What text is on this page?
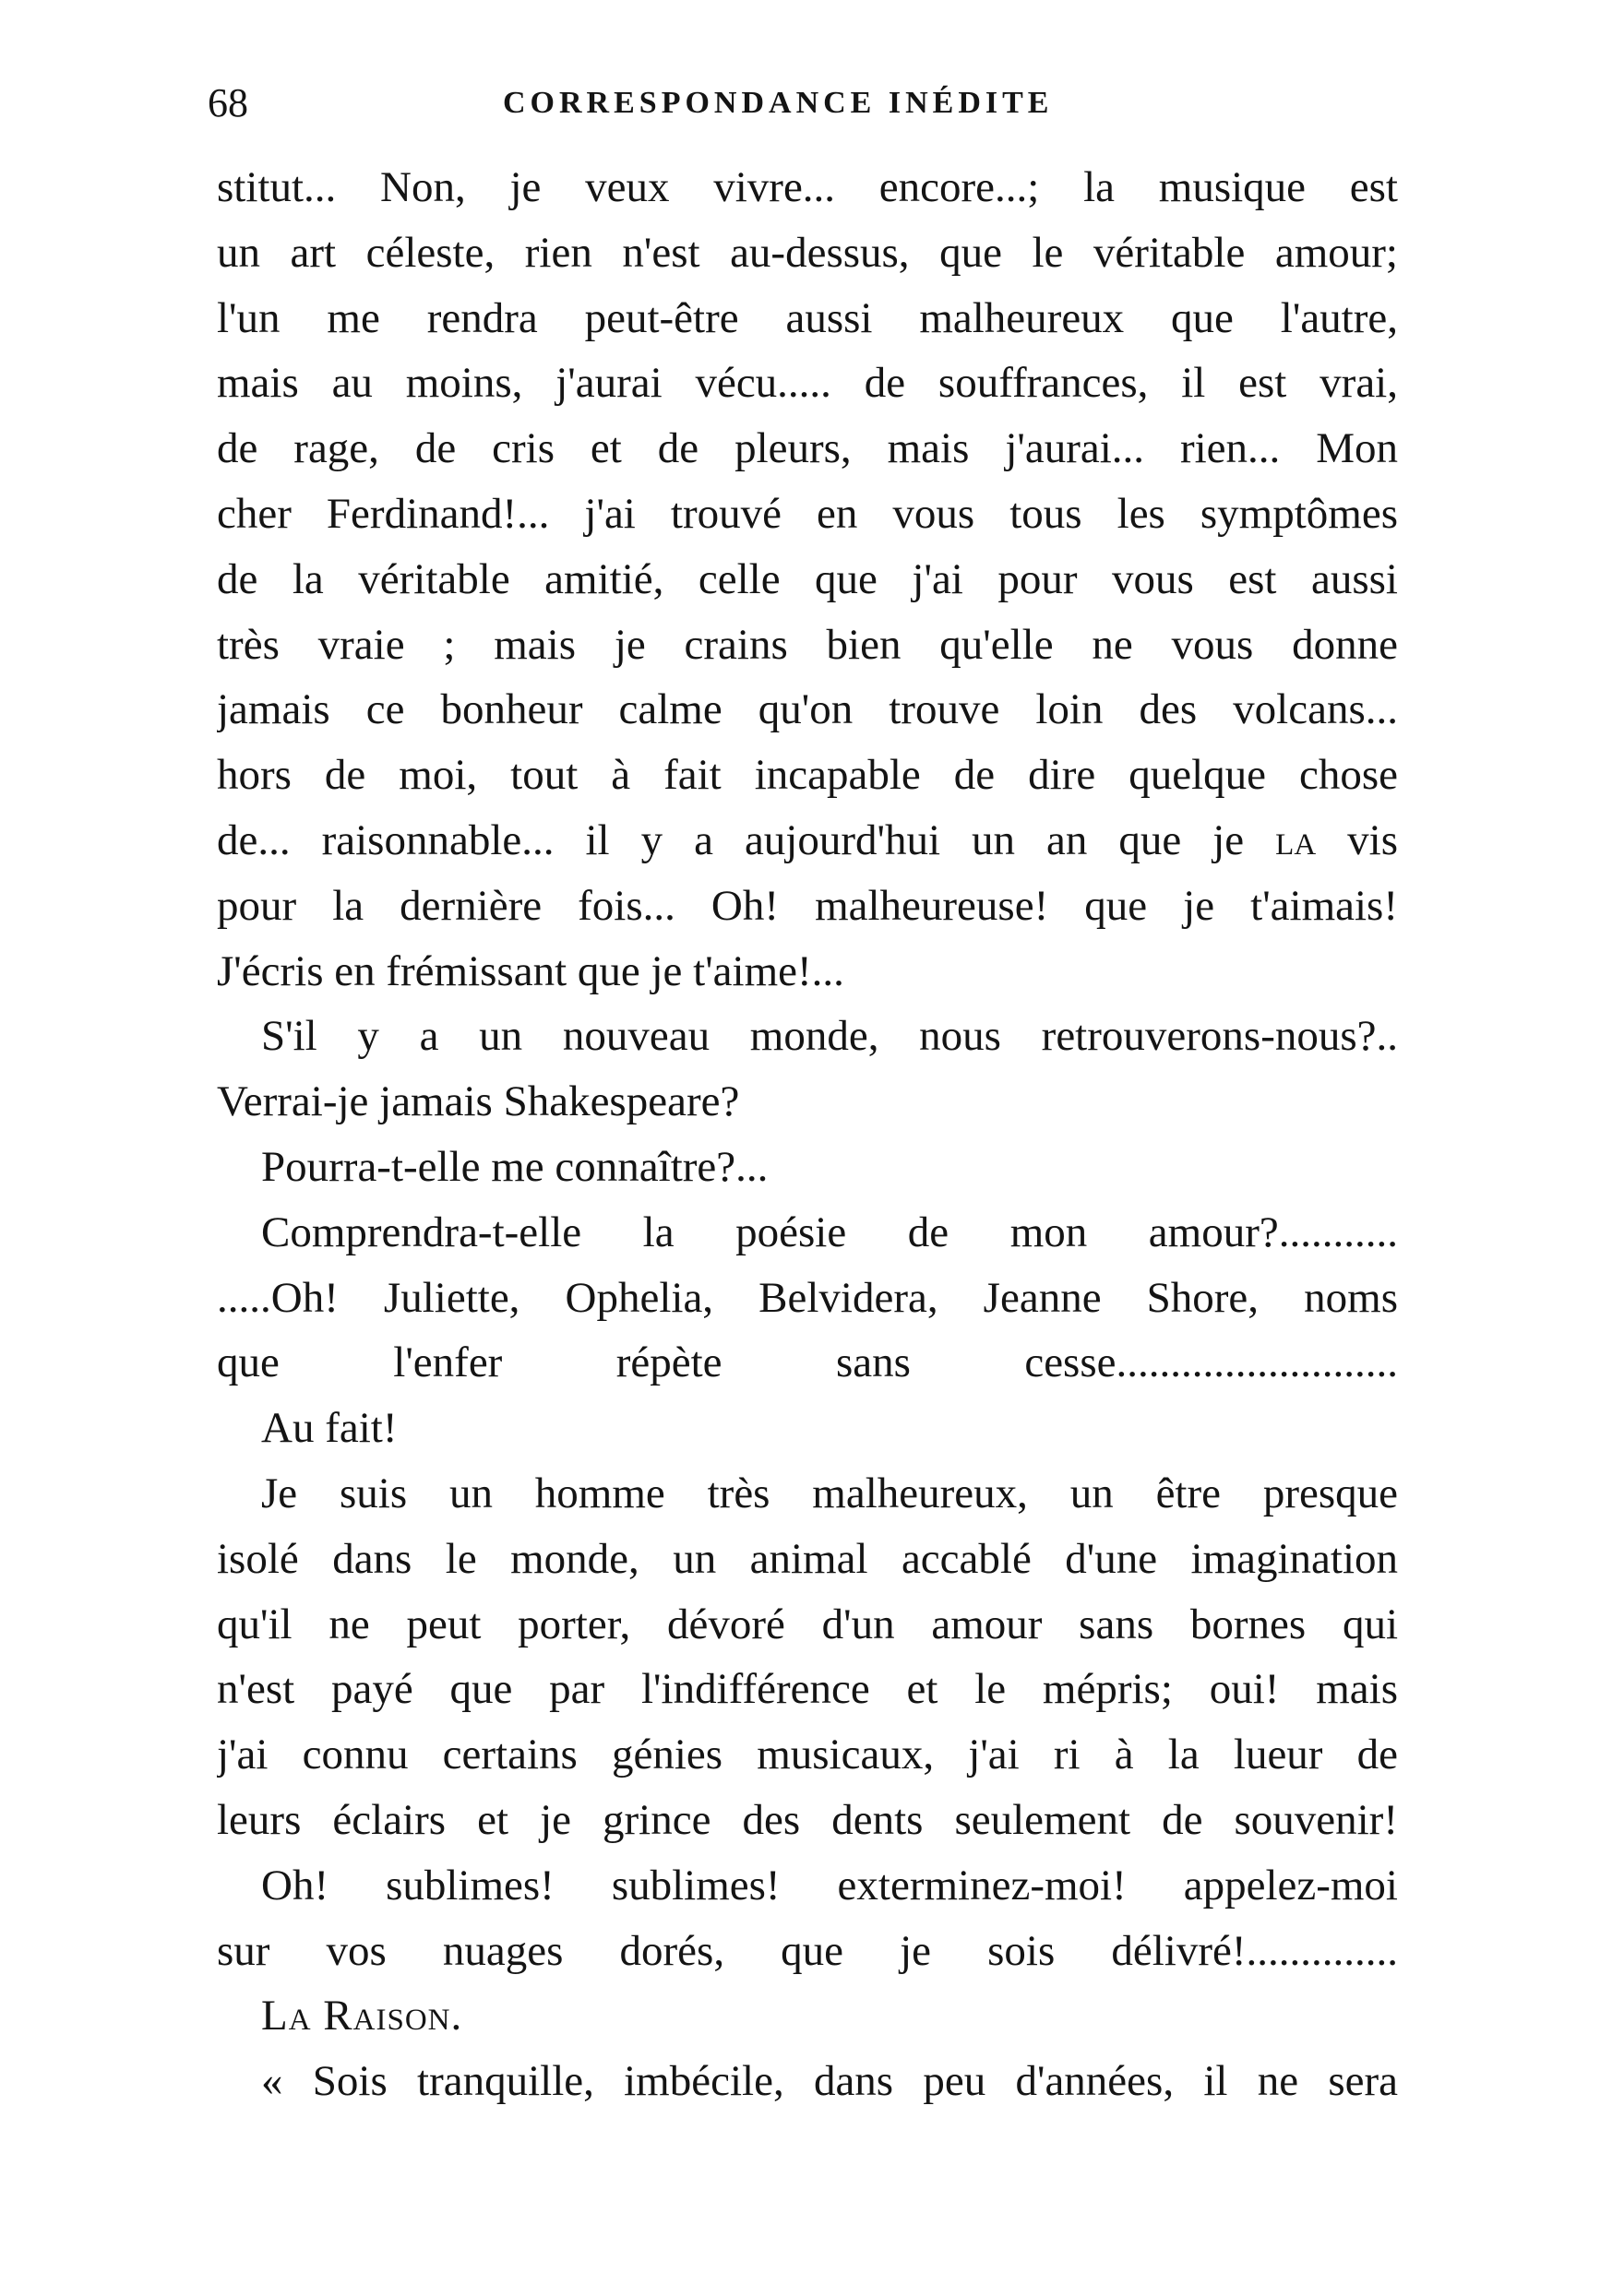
68	CORRESPONDANCE INÉDITE
stitut... Non, je veux vivre... encore...; la musique est
un art céleste, rien n'est au-dessus, que le véritable amour;
l'un me rendra peut-être aussi malheureux que l'autre,
mais au moins, j'aurai vécu..... de souffrances, il est vrai,
de rage, de cris et de pleurs, mais j'aurai... rien... Mon
cher Ferdinand!... j'ai trouvé en vous tous les symptômes
de la véritable amitié, celle que j'ai pour vous est aussi
très vraie ; mais je crains bien qu'elle ne vous donne
jamais ce bonheur calme qu'on trouve loin des volcans...
hors de moi, tout à fait incapable de dire quelque chose
de... raisonnable... il y a aujourd'hui un an que je la vis
pour la dernière fois... Oh! malheureuse! que je t'aimais!
J'écris en frémissant que je t'aime!...
S'il y a un nouveau monde, nous retrouverons-nous?..
Verrai-je jamais Shakespeare?
Pourra-t-elle me connaître?...
Comprendra-t-elle la poésie de mon amour?...........
.....Oh! Juliette, Ophelia, Belvidera, Jeanne Shore, noms
que l'enfer répète sans cesse..........................
Au fait!
Je suis un homme très malheureux, un être presque
isolé dans le monde, un animal accablé d'une imagination
qu'il ne peut porter, dévoré d'un amour sans bornes qui
n'est payé que par l'indifférence et le mépris; oui! mais
j'ai connu certains génies musicaux, j'ai ri à la lueur de
leurs éclairs et je grince des dents seulement de souvenir!
Oh! sublimes! sublimes! exterminez-moi! appelez-moi
sur vos nuages dorés, que je sois délivré!..............
La Raison.
« Sois tranquille, imbécile, dans peu d'années, il ne sera
